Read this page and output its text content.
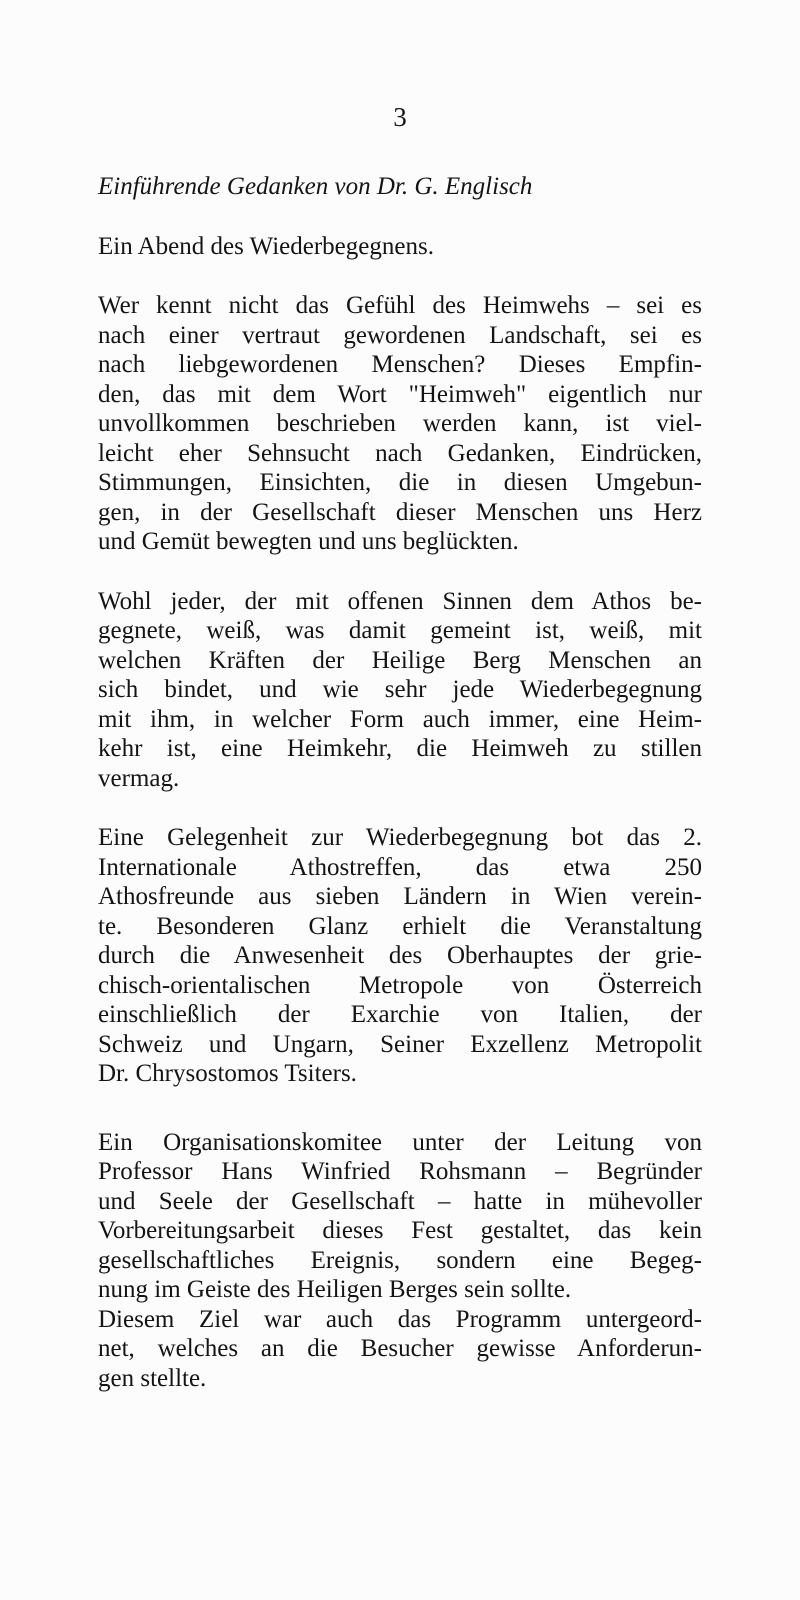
3
Einführende Gedanken von Dr. G. Englisch
Ein Abend des Wiederbegegnens.
Wer kennt nicht das Gefühl des Heimwehs – sei es
nach einer vertraut gewordenen Landschaft, sei es
nach liebgewordenen Menschen? Dieses Empfin-
den, das mit dem Wort "Heimweh" eigentlich nur
unvollkommen beschrieben werden kann, ist viel-
leicht eher Sehnsucht nach Gedanken, Eindrücken,
Stimmungen, Einsichten, die in diesen Umgebun-
gen, in der Gesellschaft dieser Menschen uns Herz
und Gemüt bewegten und uns beglückten.
Wohl jeder, der mit offenen Sinnen dem Athos be-
gegnete, weiß, was damit gemeint ist, weiß, mit
welchen Kräften der Heilige Berg Menschen an
sich bindet, und wie sehr jede Wiederbegegnung
mit ihm, in welcher Form auch immer, eine Heim-
kehr ist, eine Heimkehr, die Heimweh zu stillen
vermag.
Eine Gelegenheit zur Wiederbegegnung bot das 2.
Internationale Athostreffen, das etwa 250
Athosfreunde aus sieben Ländern in Wien verein-
te. Besonderen Glanz erhielt die Veranstaltung
durch die Anwesenheit des Oberhauptes der grie-
chisch-orientalischen Metropole von Österreich
einschließlich der Exarchie von Italien, der
Schweiz und Ungarn, Seiner Exzellenz Metropolit
Dr. Chrysostomos Tsiters.
Ein Organisationskomitee unter der Leitung von
Professor Hans Winfried Rohsmann – Begründer
und Seele der Gesellschaft – hatte in mühevoller
Vorbereitungsarbeit dieses Fest gestaltet, das kein
gesellschaftliches Ereignis, sondern eine Begeg-
nung im Geiste des Heiligen Berges sein sollte.
Diesem Ziel war auch das Programm untergeord-
net, welches an die Besucher gewisse Anforderun-
gen stellte.
